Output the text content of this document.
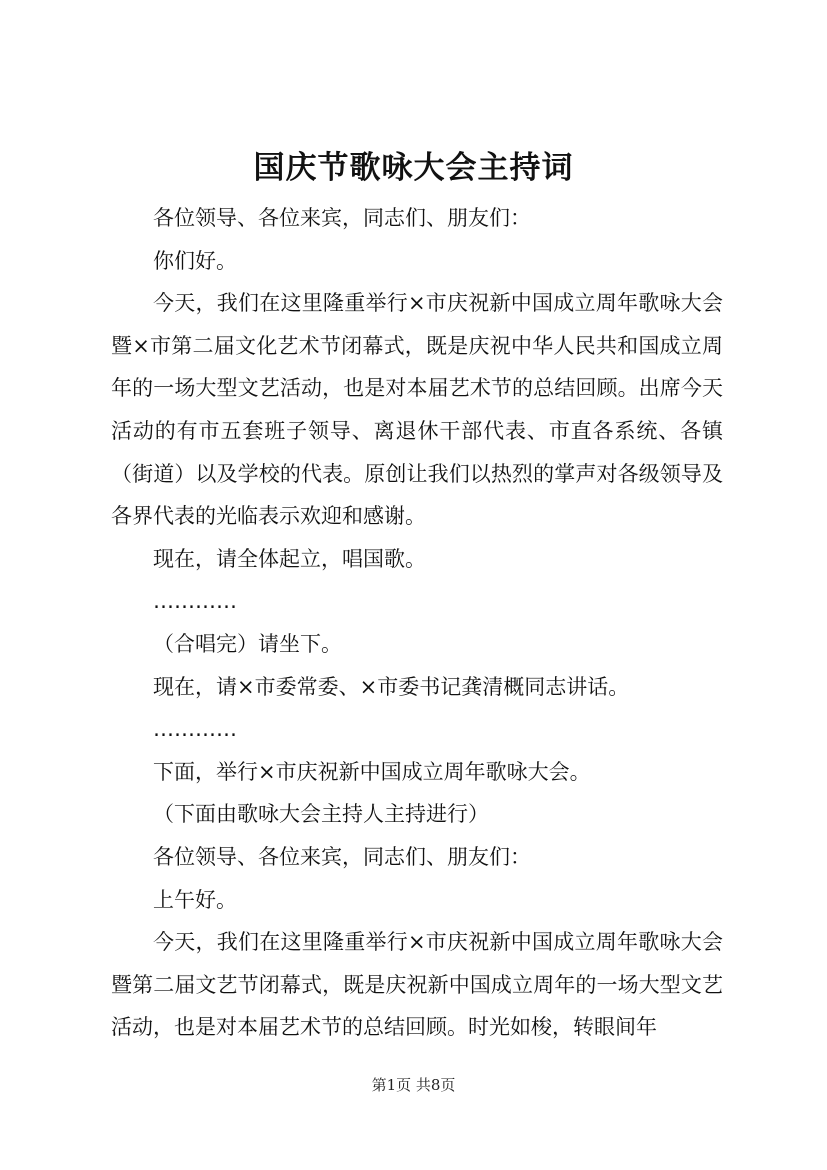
国庆节歌咏大会主持词

各位领导、各位来宾，同志们、朋友们：

你们好。

今天，我们在这里隆重举行×市庆祝新中国成立周年歌咏大会暨×市第二届文化艺术节闭幕式，既是庆祝中华人民共和国成立周年的一场大型文艺活动，也是对本届艺术节的总结回顾。出席今天活动的有市五套班子领导、离退休干部代表、市直各系统、各镇（街道）以及学校的代表。原创让我们以热烈的掌声对各级领导及各界代表的光临表示欢迎和感谢。

现在，请全体起立，唱国歌。

…………

（合唱完）请坐下。

现在，请×市委常委、×市委书记龚清概同志讲话。

…………

下面，举行×市庆祝新中国成立周年歌咏大会。

（下面由歌咏大会主持人主持进行）

各位领导、各位来宾，同志们、朋友们：

上午好。

今天，我们在这里隆重举行×市庆祝新中国成立周年歌咏大会暨第二届文艺节闭幕式，既是庆祝新中国成立周年的一场大型文艺活动，也是对本届艺术节的总结回顾。时光如梭，转眼间年

第1页 共8页
